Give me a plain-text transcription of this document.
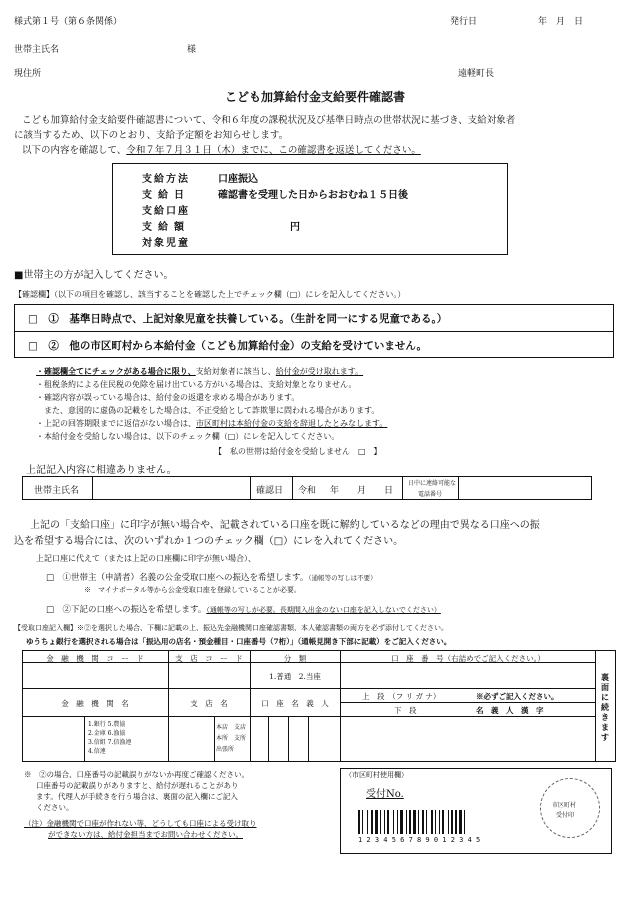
様式第１号（第６条関係）	発行日	年　月　日
世帯主氏名	様
現住所	遠軽町長
こども加算給付金支給要件確認書
こども加算給付金支給要件確認書について、令和６年度の課税状況及び基準日時点の世帯状況に基づき、支給対象者
に該当するため、以下のとおり、支給予定額をお知らせします。
以下の内容を確認して、令和７年７月３１日（木）までに、この確認書を返送してください。
支給方法	口座振込
支給日	確認書を受理した日からおおむね１５日後
支給口座
支給額	円
対象児童
■世帯主の方が記入してください。
【確認欄】（以下の項目を確認し、該当することを確認した上でチェック欄（□）にレを記入してください。）
□　①　基準日時点で、上記対象児童を扶養している。（生計を同一にする児童である。）
□　②　他の市区町村から本給付金（こども加算給付金）の支給を受けていません。
・確認欄全てにチェックがある場合に限り、支給対象者に該当し、給付金が受け取れます。
・租税条約による住民税の免除を届け出ている方がいる場合は、支給対象となりません。
・確認内容が誤っている場合は、給付金の返還を求める場合があります。
　また、意図的に虚偽の記載をした場合は、不正受給として詐欺罪に問われる場合があります。
・上記の回答期限までに返信がない場合は、市区町村は本給付金の支給を辞退したとみなします。
・本給付金を受給しない場合は、以下のチェック欄（□）にレを記入してください。
【　私の世帯は給付金を受給しません　□　】
上記記入内容に相違ありません。
世帯主氏名	確認日 令和 年　　月　　日
日中に連絡可能な
電話番号
上記の「支給口座」に印字が無い場合や、記載されている口座を既に解約しているなどの理由で異なる口座への振
込を希望する場合には、次のいずれか１つのチェック欄（□）にレを入れてください。
上記口座に代えて（または上記の口座欄に印字が無い場合）、
□　①世帯主（申請者）名義の公金受取口座への振込を希望します。（通帳等の写しは不要）
※　マイナポータル等から公金受取口座を登録していることが必要。
□　②下記の口座への振込を希望します。（通帳等の写しが必要。長期間入出金のない口座を記入しないでください）
【受取口座記入欄】※②を選択した場合、下欄に記載の上、振込先金融機関口座確認書類、本人確認書類の両方を必ず添付してください。
ゆうちょ銀行を選択される場合は「振込用の店名・預金種目・口座番号（7桁）」（通帳見開き下部に記載）をご記入ください。
裏面に続きます
金　融　機　関　コ　ー　ド	支　店　コ　ー　ド	分　類	口　座　番　号（右詰めでご記入ください。）
1.普通　2.当座
金　融　機　関　名	支　店　名	口　座　名　義　人
上　段　（フ リ ガ ナ）	※必ずご記入ください。
下　段	名　義　人　漢　字
1.銀行 5.農協
2.金庫 6.漁協
3.信組 7.信漁連
4.信連
本店　支店
本所　支所
出張所
※　②の場合、口座番号の記載誤りがないか再度ご確認ください。
口座番号の記載誤りがありますと、給付が遅れることがあり
ます。代理人が手続きを行う場合は、裏面の記入欄にご記入
ください。
（注）金融機関で口座が作れない等、どうしても口座による受け取り
ができない方は、給付金担当までお問い合わせください。
（市区町村使用欄）
受付No.
市区町村
受付印
1 2 3 4 5 6 7 8 9 0 1 2 3 4 5
